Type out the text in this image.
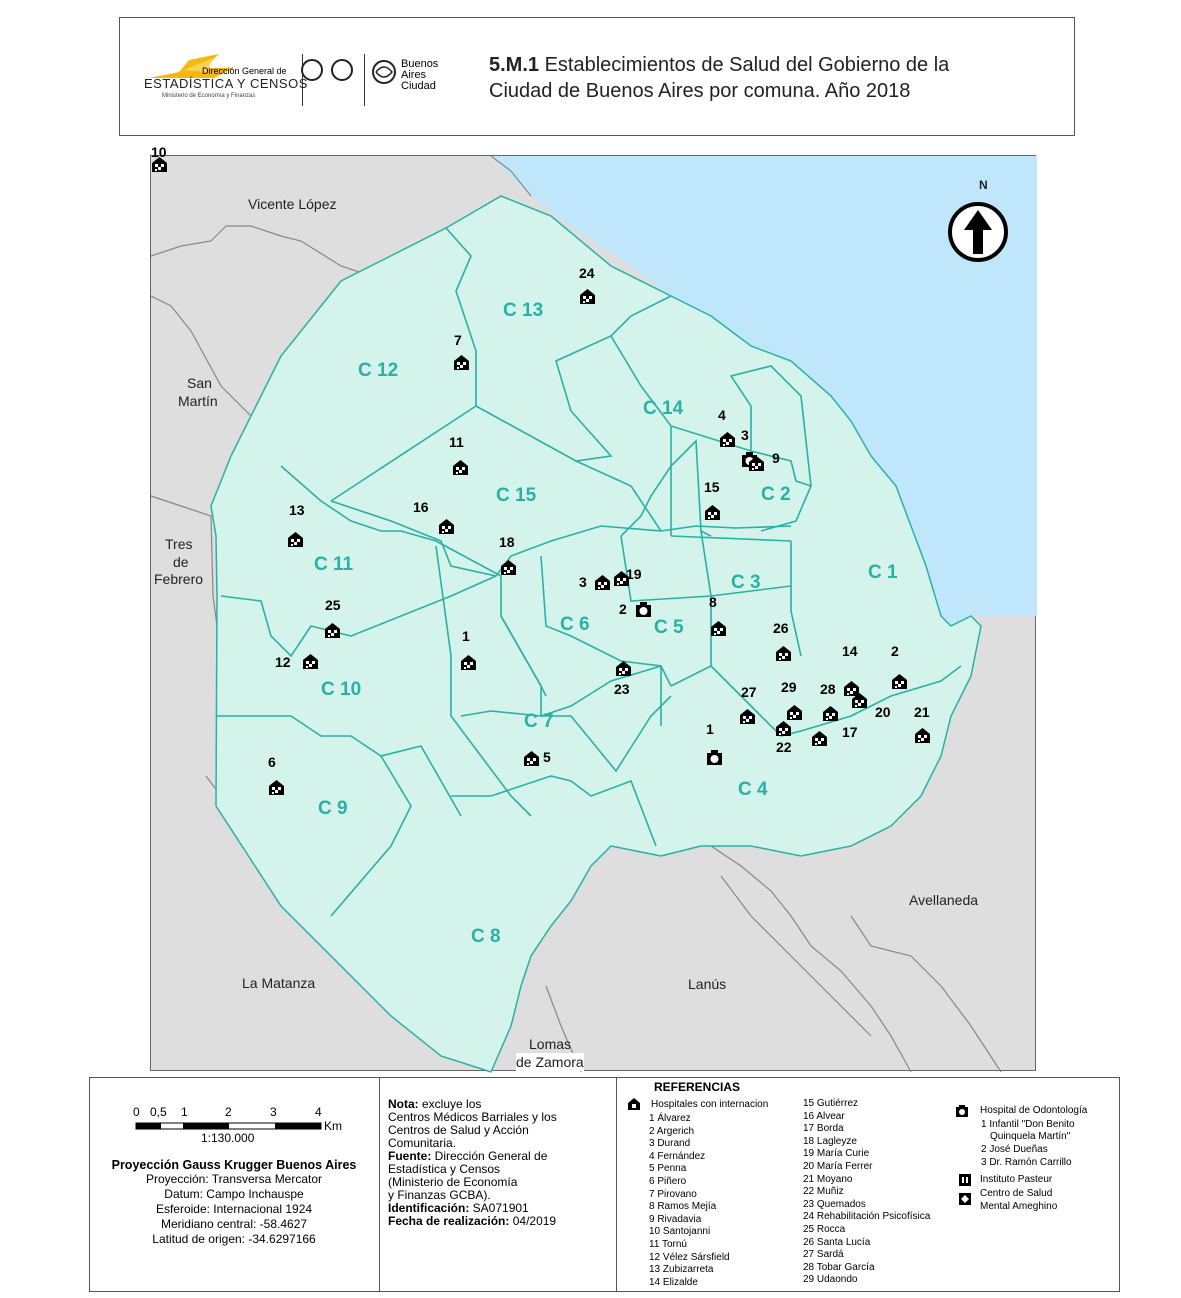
Dirección General de
ESTADÍSTICA Y CENSOS
Ministerio de Economía y Finanzas
Buenos
Aires
Ciudad
5.M.1 Establecimientos de Salud del Gobierno de la
Ciudad de Buenos Aires por comuna. Año 2018
N
Vicente López
San
Martín
Tres
de
Febrero
La Matanza
Lomas
de Zamora
Lanús
Avellaneda
C 1
C 2
C 3
C 4
C 5
C 6
C 7
C 8
C 9
C 10
C 11
C 12
C 13
C 14
C 15
24
7
4
3
9
11
15
16
13
18
3	19
2	8
26
14 2
25
12
1
23	27 29 28
20
22
17
21
1
5
6
10
0 0,5 1	2	3	4
Km
1:130.000
Proyección Gauss Krugger Buenos Aires
Proyección: Transversa Mercator
Datum: Campo Inchauspe
Esferoide: Internacional 1924
Meridiano central: -58.4627
Latitud de origen: -34.6297166
Nota: excluye los
Centros Médicos Barriales y los
Centros de Salud y Acción
Comunitaria.
Fuente: Dirección General de
Estadística y Censos
(Ministerio de Economía
y Finanzas GCBA).
Identificación: SA071901
Fecha de realización: 04/2019
REFERENCIAS
Hospitales con internacion
1 Álvarez
2 Argerich
3 Durand
4 Fernández
5 Penna
6 Piñero
7 Pirovano
8 Ramos Mejía
9 Rivadavia
10 Santojanni
11 Tornú
12 Vélez Sársfield
13 Zubizarreta
14 Elizalde
15 Gutiérrez
16 Alvear
17 Borda
18 Lagleyze
19 María Curie
20 María Ferrer
21 Moyano
22 Muñiz
23 Quemados
24 Rehabilitación Psicofísica
25 Rocca
26 Santa Lucía
27 Sardá
28 Tobar García
29 Udaondo
Hospital de Odontología
1 Infantil "Don Benito
Quinquela Martín"
2 José Dueñas
3 Dr. Ramón Carrillo
Instituto Pasteur
Centro de Salud
Mental Ameghino
